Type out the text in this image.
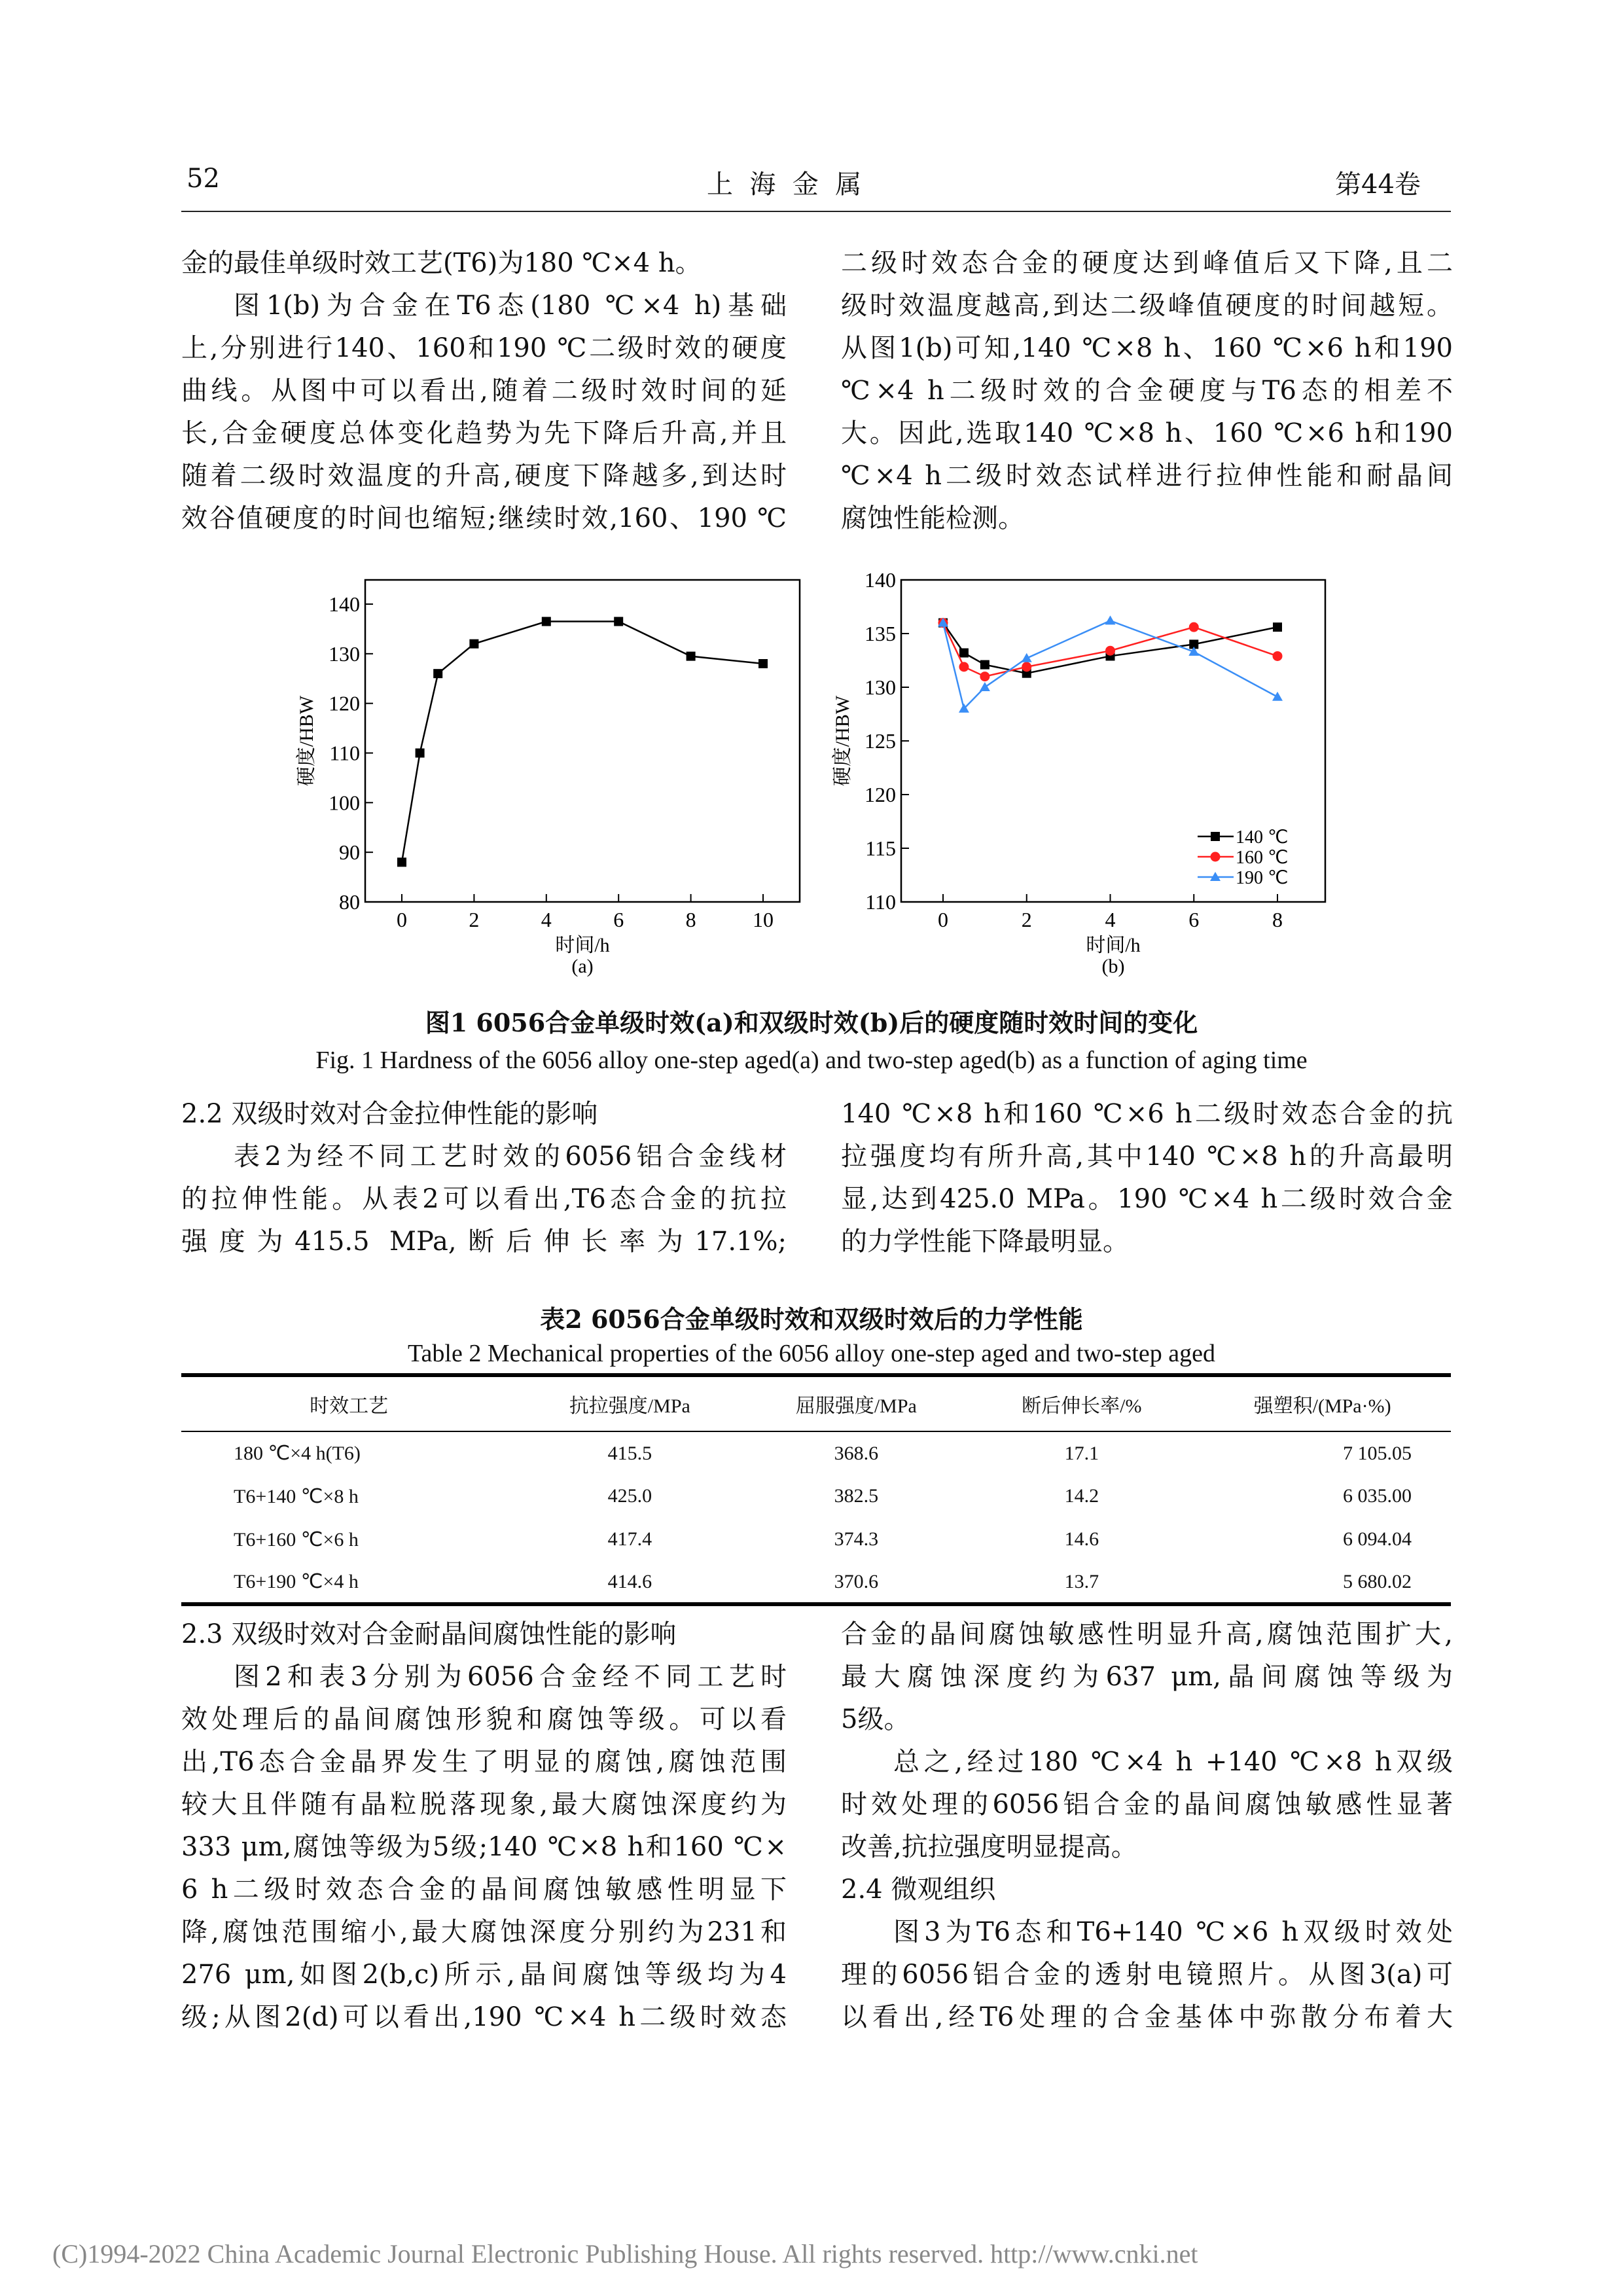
52	上  海  金  属	第44卷

金的最佳单级时效工艺(T6)为180 ℃×4 h。

图1(b)为合金在T6态(180 ℃×4 h)基础

上,分别进行140、160和190 ℃二级时效的硬度

曲线。从图中可以看出,随着二级时效时间的延

长,合金硬度总体变化趋势为先下降后升高,并且

随着二级时效温度的升高,硬度下降越多,到达时

效谷值硬度的时间也缩短;继续时效,160、190 ℃

二级时效态合金的硬度达到峰值后又下降,且二

级时效温度越高,到达二级峰值硬度的时间越短。

从图1(b)可知,140 ℃×8 h、160 ℃×6 h和190

℃×4 h二级时效的合金硬度与T6态的相差不

大。因此,选取140 ℃×8 h、160 ℃×6 h和190

℃×4 h二级时效态试样进行拉伸性能和耐晶间

腐蚀性能检测。

80
90
100
110
120
130
140
0	2	4	6	8	10
时间/h
(a)
硬度/HBW
110
115
120
125
130
135
140
0	2	4	6	8
时间/h
(b)
硬度/HBW
140 ℃
160 ℃
190 ℃
图1 6056合金单级时效(a)和双级时效(b)后的硬度随时效时间的变化
Fig. 1 Hardness of the 6056 alloy one-step aged(a) and two-step aged(b) as a function of aging time

2.2 双级时效对合金拉伸性能的影响

表2为经不同工艺时效的6056铝合金线材

的拉伸性能。从表2可以看出,T6态合金的抗拉

强度为415.5 MPa,断后伸长率为17.1%;

140 ℃×8 h和160 ℃×6 h二级时效态合金的抗

拉强度均有所升高,其中140 ℃×8 h的升高最明

显,达到425.0 MPa。190 ℃×4 h二级时效合金

的力学性能下降最明显。

表2 6056合金单级时效和双级时效后的力学性能
Table 2 Mechanical properties of the 6056 alloy one-step aged and two-step aged
时效工艺	抗拉强度/MPa	屈服强度/MPa	断后伸长率/%	强塑积/(MPa·%)
180 ℃×4 h(T6)	415.5	368.6	17.1	7 105.05
T6+140 ℃×8 h	425.0	382.5	14.2	6 035.00
T6+160 ℃×6 h	417.4	374.3	14.6	6 094.04
T6+190 ℃×4 h	414.6	370.6	13.7	5 680.02

2.3 双级时效对合金耐晶间腐蚀性能的影响

图2和表3分别为6056合金经不同工艺时

效处理后的晶间腐蚀形貌和腐蚀等级。可以看

出,T6态合金晶界发生了明显的腐蚀,腐蚀范围

较大且伴随有晶粒脱落现象,最大腐蚀深度约为

333 μm,腐蚀等级为5级;140 ℃×8 h和160 ℃×

6 h二级时效态合金的晶间腐蚀敏感性明显下

降,腐蚀范围缩小,最大腐蚀深度分别约为231和

276 μm,如图2(b,c)所示,晶间腐蚀等级均为4

级;从图2(d)可以看出,190 ℃×4 h二级时效态

合金的晶间腐蚀敏感性明显升高,腐蚀范围扩大,

最大腐蚀深度约为637 μm,晶间腐蚀等级为

5级。

总之,经过180 ℃×4 h +140 ℃×8 h双级

时效处理的6056铝合金的晶间腐蚀敏感性显著

改善,抗拉强度明显提高。

2.4 微观组织

图3为T6态和T6+140 ℃×6 h双级时效处

理的6056铝合金的透射电镜照片。从图3(a)可

以看出,经T6处理的合金基体中弥散分布着大

(C)1994-2022 China Academic Journal Electronic Publishing House. All rights reserved. http://www.cnki.net
